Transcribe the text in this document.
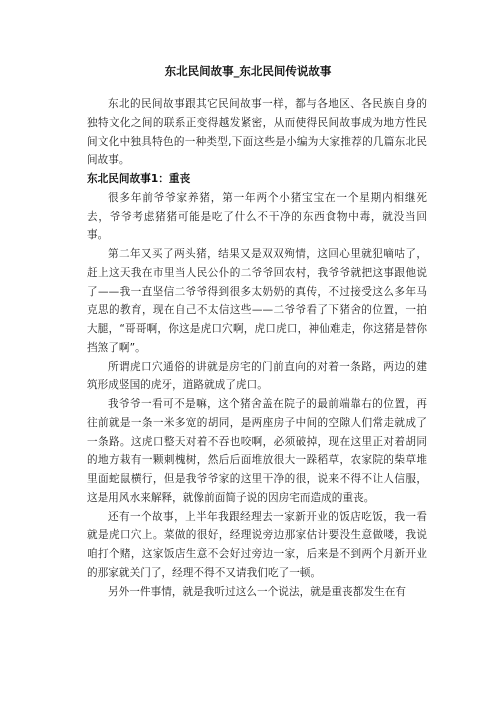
东北民间故事_东北民间传说故事

东北的民间故事跟其它民间故事一样，都与各地区、各民族自身的独特文化之间的联系正变得越发紧密，从而使得民间故事成为地方性民间文化中独具特色的一种类型,下面这些是小编为大家推荐的几篇东北民间故事。

东北民间故事1：重丧

很多年前爷爷家养猪，第一年两个小猪宝宝在一个星期内相继死去，爷爷考虑猪猪可能是吃了什么不干净的东西食物中毒，就没当回事。

第二年又买了两头猪，结果又是双双殉情，这回心里就犯嘀咕了，赶上这天我在市里当人民公仆的二爷爷回农村，我爷爷就把这事跟他说了——我一直坚信二爷爷得到很多太奶奶的真传，不过接受这么多年马克思的教育，现在自己不太信这些——二爷爷看了下猪舍的位置，一拍大腿，“哥哥啊，你这是虎口穴啊，虎口虎口，神仙难走，你这猪是替你挡煞了啊”。

所谓虎口穴通俗的讲就是房宅的门前直向的对着一条路，两边的建筑形成竖国的虎牙，道路就成了虎口。

我爷爷一看可不是嘛，这个猪舍盖在院子的最前端靠右的位置，再往前就是一条一米多宽的胡同，是两座房子中间的空隙人们常走就成了一条路。这虎口整天对着不吞也咬啊，必须破掉，现在这里正对着胡同的地方栽有一颗刺槐树，然后后面堆放很大一跺稻草，农家院的柴草堆里面蛇鼠横行，但是我爷爷家的这里干净的很，说来不得不让人信服，这是用风水来解释，就像前面简子说的因房宅而造成的重丧。

还有一个故事，上半年我跟经理去一家新开业的饭店吃饭，我一看就是虎口穴上。菜做的很好，经理说旁边那家估计要没生意做喽，我说咱打个赌，这家饭店生意不会好过旁边一家，后来是不到两个月新开业的那家就关门了，经理不得不又请我们吃了一顿。

另外一件事情，就是我听过这么一个说法，就是重丧都发生在有
